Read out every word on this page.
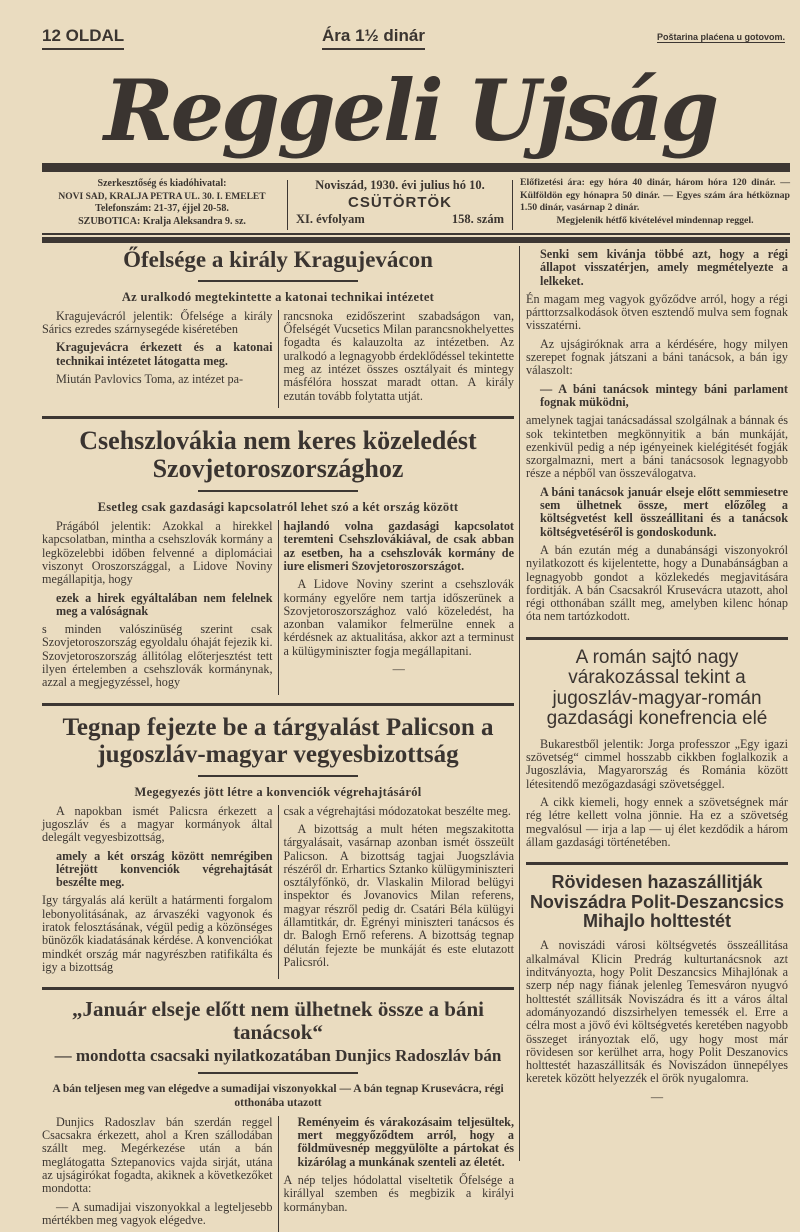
12 OLDAL	Ára 1½ dinár	Poštarina plaćena u gotovom.
Reggeli Ujság
Szerkesztőség és kiadóhivatal:
NOVI SAD, KRALJA PETRA UL. 30. I. EMELET
Telefonszám: 21-37, éjjel 20-58.
SZUBOTICA: Kralja Aleksandra 9. sz.
Noviszád, 1930. évi julius hó 10.
CSÜTÖRTÖK
XI. évfolyam	158. szám
Előfizetési ára: egy hóra 40 dinár, három hóra 120 dinár. — Külföldön egy hónapra 50 dinár. — Egyes szám ára hétköznap 1.50 dinár, vasárnap 2 dinár.
Megjelenik hétfő kivételével mindennap reggel.
Őfelsége a király Kragujevácon
Az uralkodó megtekintette a katonai technikai intézetet

Kragujevácról jelentik: Őfelsége a király Sárics ezredes szárnysegéde kiséretében

Kragujevácra érkezett és a katonai technikai intézetet látogatta meg.

Miután Pavlovics Toma, az intézet pa-

rancsnoka ezidőszerint szabadságon van, Őfelségét Vucsetics Milan parancsnokhelyettes fogadta és kalauzolta az intézetben. Az uralkodó a legnagyobb érdeklődéssel tekintette meg az intézet összes osztályait és mintegy másfélóra hosszat maradt ottan. A király ezután tovább folytatta utját.

Csehszlovákia nem keres közeledést Szovjetoroszországhoz
Esetleg csak gazdasági kapcsolatról lehet szó a két ország között

Prágából jelentik: Azokkal a hirekkel kapcsolatban, mintha a csehszlovák kormány a legközelebbi időben felvenné a diplomáciai viszonyt Oroszországgal, a Lidove Noviny megállapitja, hogy

ezek a hirek egyáltalában nem felelnek meg a valóságnak

s minden valószinüség szerint csak Szovjetoroszország egyoldalu óhaját fejezik ki. Szovjetoroszország állitólag előterjesztést tett ilyen értelemben a csehszlovák kormánynak, azzal a megjegyzéssel, hogy

hajlandó volna gazdasági kapcsolatot teremteni Csehszlovákiával, de csak abban az esetben, ha a csehszlovák kormány de iure elismeri Szovjetoroszországot.

A Lidove Noviny szerint a csehszlovák kormány egyelőre nem tartja időszerünek a Szovjetoroszországhoz való közeledést, ha azonban valamikor felmerülne ennek a kérdésnek az aktualitása, akkor azt a terminust a külügyminiszter fogja megállapitani.

—

Tegnap fejezte be a tárgyalást Palicson a jugoszláv-magyar vegyesbizottság
Megegyezés jött létre a konvenciók végrehajtásáról

A napokban ismét Palicsra érkezett a jugoszláv és a magyar kormányok által delegált vegyesbizottság,

amely a két ország között nemrégiben létrejött konvenciók végrehajtását beszélte meg.

Igy tárgyalás alá került a határmenti forgalom lebonyolitásának, az árvaszéki vagyonok és iratok felosztásának, végül pedig a közönséges bünözők kiadatásának kérdése. A konvenciókat mindkét ország már nagyrészben ratifikálta és igy a bizottság

csak a végrehajtási módozatokat beszélte meg.

A bizottság a mult héten megszakitotta tárgyalásait, vasárnap azonban ismét összeült Palicson. A bizottság tagjai Juogszlávia részéről dr. Erhartics Sztanko külügyminiszteri osztályfőnkö, dr. Vlaskalin Milorad belügyi inspektor és Jovanovics Milan referens, magyar részről pedig dr. Csatári Béla külügyi államtitkár, dr. Egrényi miniszteri tanácsos és dr. Balogh Ernő referens. A bizottság tegnap délután fejezte be munkáját és este elutazott Palicsról.

„Január elseje előtt nem ülhetnek össze a báni tanácsok“
— mondotta csacsaki nyilatkozatában Dunjics Radoszláv bán
A bán teljesen meg van elégedve a sumadijai viszonyokkal — A bán tegnap Krusevácra, régi otthonába utazott

Dunjics Radoszlav bán szerdán reggel Csacsakra érkezett, ahol a Kren szállodában szállt meg. Megérkezése után a bán meglátogatta Sztepanovics vajda sirját, utána az ujságirókat fogadta, akiknek a következőket mondotta:

— A sumadijai viszonyokkal a legteljesebb mértékben meg vagyok elégedve.

Reményeim és várakozásaim teljesültek, mert meggyőződtem arról, hogy a földmüvesnép meggyülölte a pártokat és kizárólag a munkának szenteli az életét.

A nép teljes hódolattal viseltetik Őfelsége a királlyal szemben és megbizik a királyi kormányban.

Senki sem kivánja többé azt, hogy a régi állapot visszatérjen, amely megmételyezte a lelkeket.

Én magam meg vagyok győződve arról, hogy a régi párttorzsalkodások ötven esztendő mulva sem fognak visszatérni.

Az ujságiróknak arra a kérdésére, hogy milyen szerepet fognak játszani a báni tanácsok, a bán igy válaszolt:

— A báni tanácsok mintegy báni parlament fognak müködni,

amelynek tagjai tanácsadással szolgálnak a bánnak és sok tekintetben megkönnyitik a bán munkáját, ezenkivül pedig a nép igényeinek kielégitését fogják szorgalmazni, mert a báni tanácsosok legnagyobb része a népből van összeválogatva.

A báni tanácsok január elseje előtt semmiesetre sem ülhetnek össze, mert előzőleg a költségvetést kell összeállitani és a tanácsok költségvetéséről is gondoskodunk.

A bán ezután még a dunabánsági viszonyokról nyilatkozott és kijelentette, hogy a Dunabánságban a legnagyobb gondot a közlekedés megjavitására forditják. A bán Csacsakról Krusevácra utazott, ahol régi otthonában szállt meg, amelyben kilenc hónap óta nem tartózkodott.

A román sajtó nagy várakozással tekint a jugoszláv-magyar-román gazdasági konefrencia elé

Bukarestből jelentik: Jorga professzor „Egy igazi szövetség“ cimmel hosszabb cikkben foglalkozik a Jugoszlávia, Magyarország és Románia között létesitendő mezőgazdasági szövetséggel.

A cikk kiemeli, hogy ennek a szövetségnek már rég létre kellett volna jönnie. Ha ez a szövetség megvalósul — irja a lap — uj élet kezdődik a három állam gazdasági történetében.

Rövidesen hazaszállitják Noviszádra Polit-Deszancsics Mihajlo holttestét

A noviszádi városi költségvetés összeállitása alkalmával Klicin Predrág kulturtanácsnok azt inditványozta, hogy Polit Deszancsics Mihajlónak a szerp nép nagy fiának jelenleg Temesváron nyugvó holttestét szállitsák Noviszádra és itt a város által adományozandó diszsirhelyen temessék el. Erre a célra most a jövő évi költségvetés keretében nagyobb összeget irányoztak elő, ugy hogy most már rövidesen sor kerülhet arra, hogy Polit Deszanovics holttestét hazaszállitsák és Noviszádon ünnepélyes keretek között helyezzék el örök nyugalomra.

—
